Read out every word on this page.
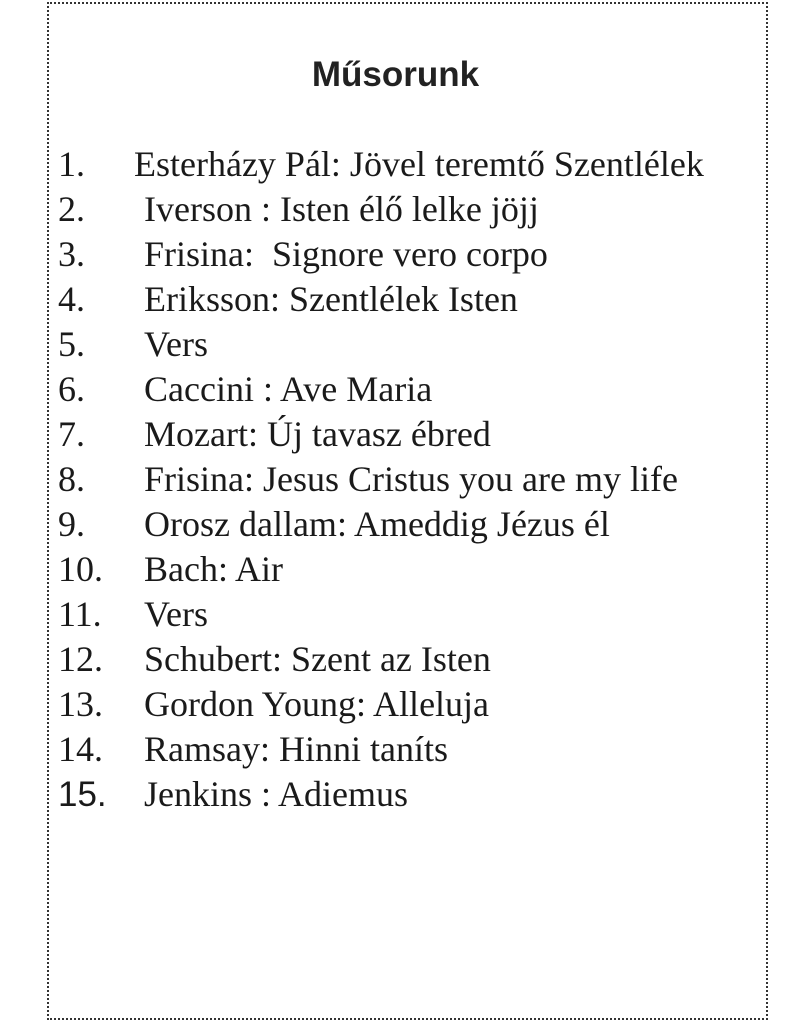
Műsorunk
1. Esterházy Pál: Jövel teremtő Szentlélek
2. Iverson : Isten élő lelke jöjj
3. Frisina:  Signore vero corpo
4. Eriksson: Szentlélek Isten
5. Vers
6. Caccini : Ave Maria
7. Mozart: Új tavasz ébred
8. Frisina: Jesus Cristus you are my life
9. Orosz dallam: Ameddig Jézus él
10. Bach: Air
11. Vers
12. Schubert: Szent az Isten
13. Gordon Young: Alleluja
14. Ramsay: Hinni taníts
15. Jenkins : Adiemus
